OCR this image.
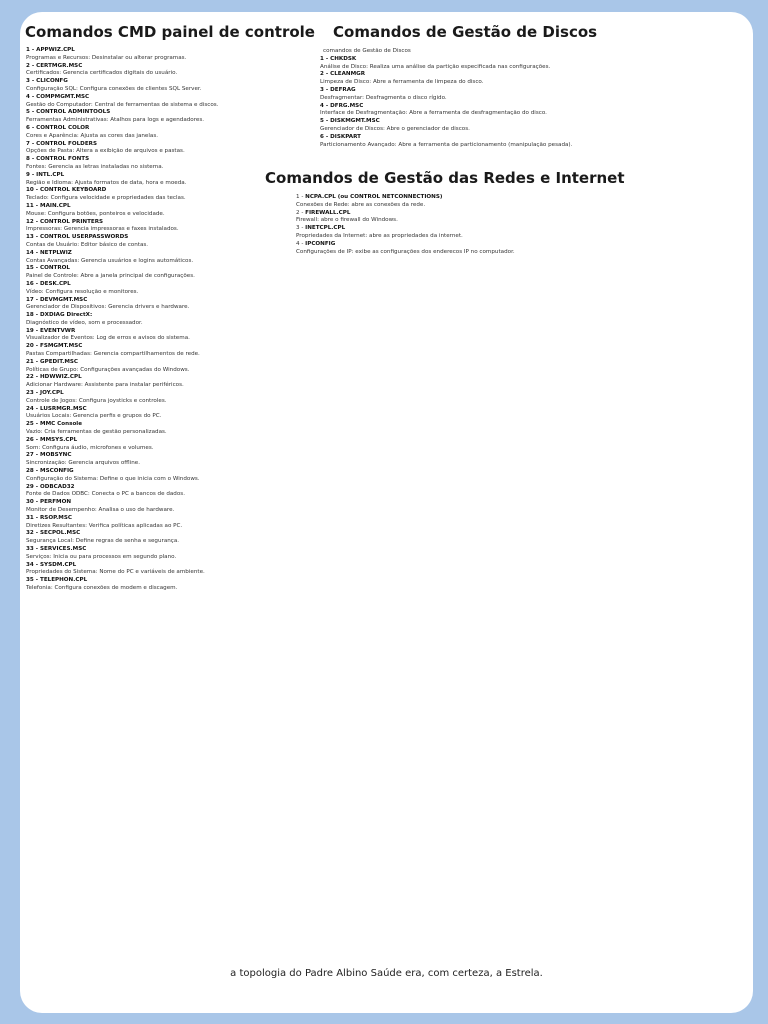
Comandos CMD painel de controle Comandos de Gestão de Discos
Comandos de Gestão das Redes e Internet
1 - APPWIZ.CPL
Programas e Recursos: Desinstalar ou alterar programas.
2 - CERTMGR.MSC
Certificados: Gerencia certificados digitais do usuário.
3 - CLICONFG
Configuração SQL: Configura conexões de clientes SQL Server.
4 - COMPMGMT.MSC
Gestão do Computador: Central de ferramentas de sistema e discos.
5 - CONTROL ADMINTOOLS
Ferramentas Administrativas: Atalhos para logs e agendadores.
6 - CONTROL COLOR
Cores e Aparência: Ajusta as cores das janelas.
7 - CONTROL FOLDERS
Opções de Pasta: Altera a exibição de arquivos e pastas.
8 - CONTROL FONTS
Fontes: Gerencia as letras instaladas no sistema.
9 - INTL.CPL
Região e Idioma: Ajusta formatos de data, hora e moeda.
10 - CONTROL KEYBOARD
Teclado: Configura velocidade e propriedades das teclas.
11 - MAIN.CPL
Mouse: Configura botões, ponteiros e velocidade.
12 - CONTROL PRINTERS
Impressoras: Gerencia impressoras e faxes instalados.
13 - CONTROL USERPASSWORDS
Contas de Usuário: Editor básico de contas.
14 - NETPLWIZ
Contas Avançadas: Gerencia usuários e logins automáticos.
15 - CONTROL
Painel de Controle: Abre a janela principal de configurações.
16 - DESK.CPL
Vídeo: Configura resolução e monitores.
17 - DEVMGMT.MSC
Gerenciador de Dispositivos: Gerencia drivers e hardware.
18 - DXDIAG DirectX:
Diagnóstico de vídeo, som e processador.
19 - EVENTVWR
Visualizador de Eventos: Log de erros e avisos do sistema.
20 - FSMGMT.MSC
Pastas Compartilhadas: Gerencia compartilhamentos de rede.
21 - GPEDIT.MSC
Políticas de Grupo: Configurações avançadas do Windows.
22 - HDWWIZ.CPL
Adicionar Hardware: Assistente para instalar periféricos.
23 - JOY.CPL
Controle de Jogos: Configura joysticks e controles.
24 - LUSRMGR.MSC
Usuários Locais: Gerencia perfis e grupos do PC.
25 - MMC Console
Vazio: Cria ferramentas de gestão personalizadas.
26 - MMSYS.CPL
Som: Configura áudio, microfones e volumes.
27 - MOBSYNC
Sincronização: Gerencia arquivos offline.
28 - MSCONFIG
Configuração do Sistema: Define o que inicia com o Windows.
29 - ODBCAD32
Fonte de Dados ODBC: Conecta o PC a bancos de dados.
30 - PERFMON
Monitor de Desempenho: Analisa o uso de hardware.
31 - RSOP.MSC
Diretizes Resultantes: Verifica políticas aplicadas ao PC.
32 - SECPOL.MSC
Segurança Local: Define regras de senha e segurança.
33 - SERVICES.MSC
Serviços: Inicia ou para processos em segundo plano.
34 - SYSDM.CPL
Propriedades do Sistema: Nome do PC e variáveis de ambiente.
35 - TELEPHON.CPL
Telefonia: Configura conexões de modem e discagem.
comandos de Gestão de Discos
1 - CHKDSK
Análise de Disco: Realiza uma análise da partição especificada nas configurações.
2 - CLEANMGR
Limpeza de Disco: Abre a ferramenta de limpeza do disco.
3 - DEFRAG
Desfragmentar: Desfragmenta o disco rígido.
4 - DFRG.MSC
Interface de Desfragmentação: Abre a ferramenta de desfragmentação do disco.
5 - DISKMGMT.MSC
Gerenciador de Discos: Abre o gerenciador de discos.
6 - DISKPART
Particionamento Avançado: Abre a ferramenta de particionamento (manipulação pesada).
1 - NCPA.CPL (ou CONTROL NETCONNECTIONS)
Conexões de Rede: abre as conexões da rede.
2 - FIREWALL.CPL
Firewall: abre o firewall do Windows.
3 - INETCPL.CPL
Propriedades da Internet: abre as propriedades da internet.
4 - IPCONFIG
Configurações de IP: exibe as configurações dos enderecos IP no computador.
a topologia do Padre Albino Saúde era, com certeza, a Estrela.
